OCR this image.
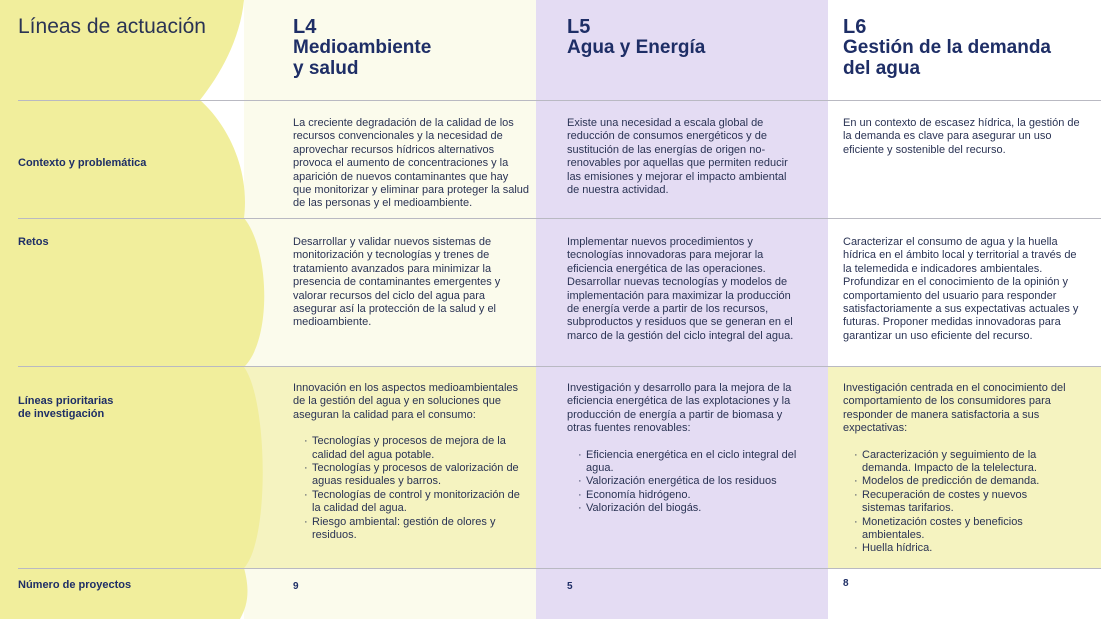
Líneas de actuación	L4
Medioambiente
y salud
L5
Agua y Energía
L6
Gestión de la demanda
del agua
Contexto y problemática
Retos
Líneas prioritarias
de investigación
Número de proyectos
La creciente degradación de la calidad de los recursos convencionales y la necesidad de aprovechar recursos hídricos alternativos provoca el aumento de concentraciones y la aparición de nuevos contaminantes que hay que monitorizar y eliminar para proteger la salud de las personas y el medioambiente.
Desarrollar y validar nuevos sistemas de monitorización y tecnologías y trenes de tratamiento avanzados para minimizar la presencia de contaminantes emergentes y valorar recursos del ciclo del agua para asegurar así la protección de la salud y el medioambiente.

Innovación en los aspectos medioambientales de la gestión del agua y en soluciones que aseguran la calidad para el consumo:

· Tecnologías y procesos de mejora de la calidad del agua potable.
· Tecnologías y procesos de valorización de aguas residuales y barros.
· Tecnologías de control y monitorización de la calidad del agua.
· Riesgo ambiental: gestión de olores y residuos.
9
Existe una necesidad a escala global de reducción de consumos energéticos y de sustitución de las energías de origen no-renovables por aquellas que permiten reducir las emisiones y mejorar el impacto ambiental de nuestra actividad.
Implementar nuevos procedimientos y tecnologías innovadoras para mejorar la eficiencia energética de las operaciones. Desarrollar nuevas tecnologías y modelos de implementación para maximizar la producción de energía verde a partir de los recursos, subproductos y residuos que se generan en el marco de la gestión del ciclo integral del agua.

Investigación y desarrollo para la mejora de la eficiencia energética de las explotaciones y la producción de energía a partir de biomasa y otras fuentes renovables:

· Eficiencia energética en el ciclo integral del agua.
· Valorización energética de los residuos
· Economía hidrógeno.
· Valorización del biogás.
5
En un contexto de escasez hídrica, la gestión de la demanda es clave para asegurar un uso eficiente y sostenible del recurso.
Caracterizar el consumo de agua y la huella hídrica en el ámbito local y territorial a través de la telemedida e indicadores ambientales. Profundizar en el conocimiento de la opinión y comportamiento del usuario para responder satisfactoriamente a sus expectativas actuales y futuras. Proponer medidas innovadoras para garantizar un uso eficiente del recurso.

Investigación centrada en el conocimiento del comportamiento de los consumidores para responder de manera satisfactoria a sus expectativas:

· Caracterización y seguimiento de la demanda. Impacto de la telelectura.
· Modelos de predicción de demanda.
· Recuperación de costes y nuevos sistemas tarifarios.
· Monetización costes y beneficios ambientales.
· Huella hídrica.
8
